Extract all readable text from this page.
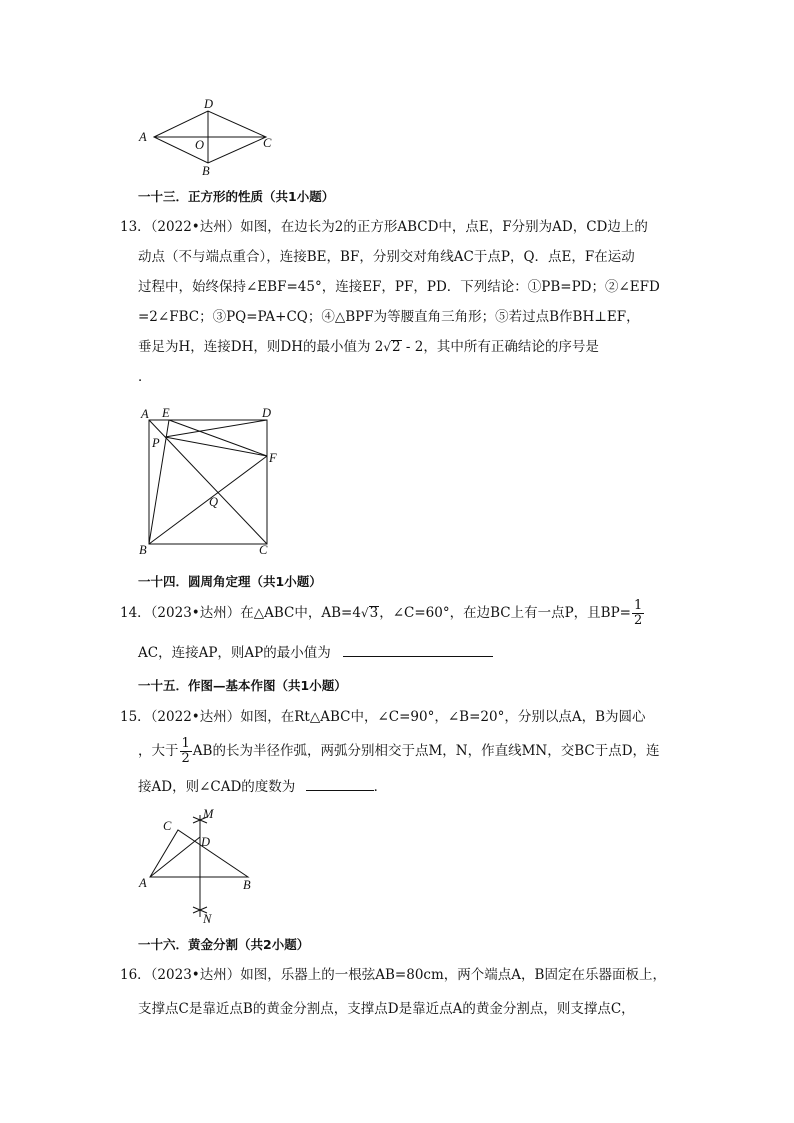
D
A
O	C
B
一十三．正方形的性质（共1小题）
13．（2022•达州）如图，在边长为2的正方形ABCD中，点E，F分别为AD，CD边上的
动点（不与端点重合），连接BE，BF，分别交对角线AC于点P，Q．点E，F在运动
过程中，始终保持∠EBF=45°，连接EF，PF，PD．下列结论：①PB=PD；②∠EFD
=2∠FBC；③PQ=PA+CQ；④△BPF为等腰直角三角形；⑤若过点B作BH⊥EF，
垂足为H，连接DH，则DH的最小值为 2√2 - 2，其中所有正确结论的序号是
．
A E	D
P
F
Q
B	C
一十四．圆周角定理（共1小题）
14．（2023•达州）在△ABC中，AB=4√3，∠C=60°，在边BC上有一点P，且$BP= \frac{1}{2}$
AC，连接AP，则AP的最小值为
一十五．作图—基本作图（共1小题）
15．（2022•达州）如图，在Rt△ABC中，∠C=90°，∠B=20°，分别以点A，B为圆心
，大于 $\frac{1}{2}$ AB的长为半径作弧，两弧分别相交于点M，N，作直线MN，交BC于点D，连
接AD，则∠CAD的度数为	．
C
M
D
A	B
N
一十六．黄金分割（共2小题）
16．（2023•达州）如图，乐器上的一根弦AB=80cm，两个端点A，B固定在乐器面板上，
支撑点C是靠近点B的黄金分割点，支撑点D是靠近点A的黄金分割点，则支撑点C，
